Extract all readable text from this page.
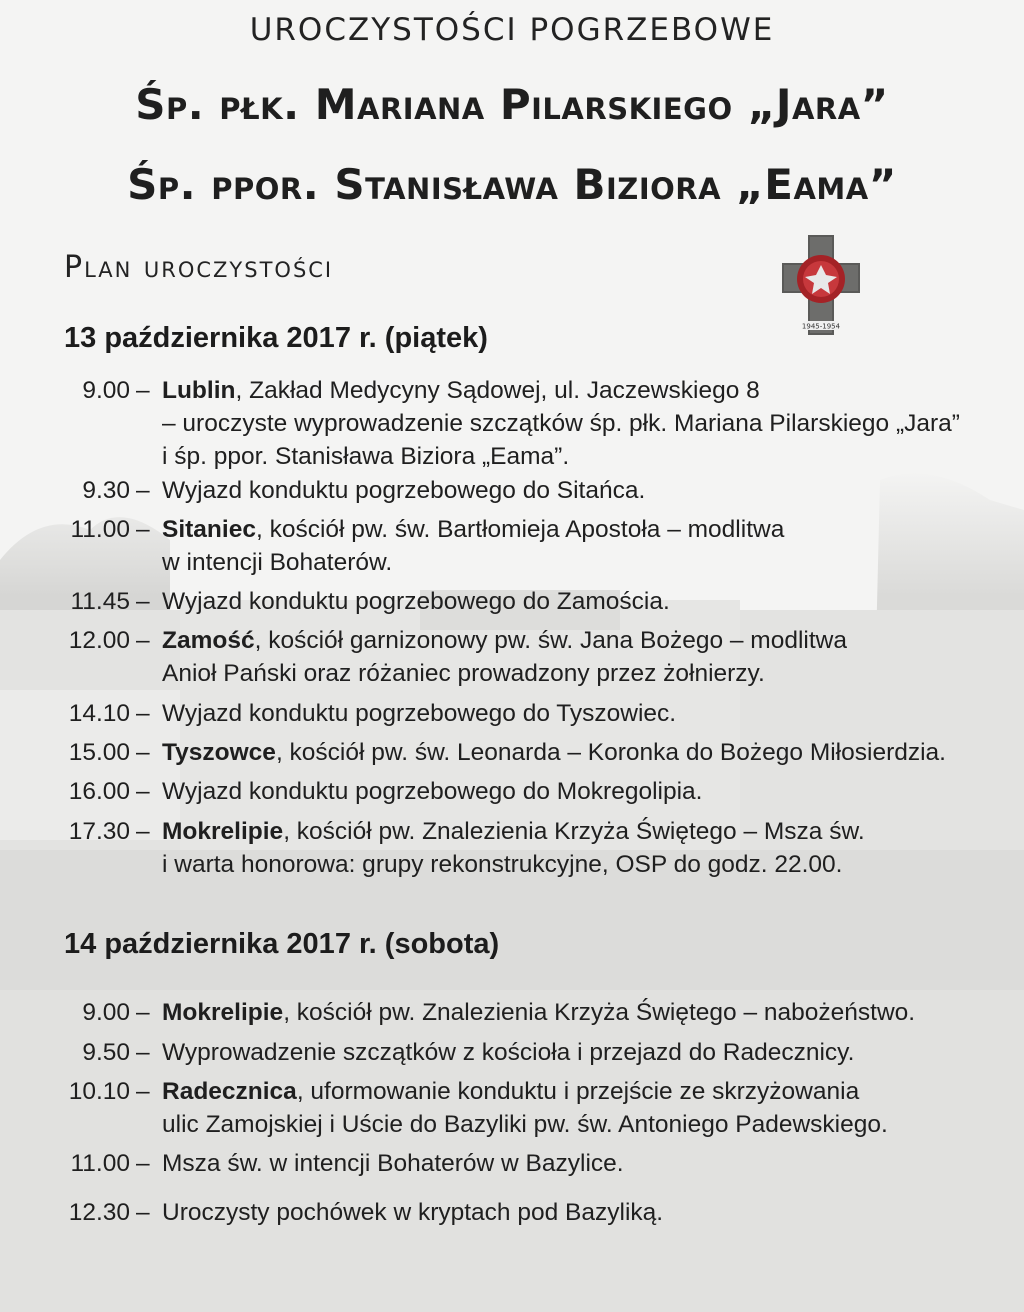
UROCZYSTOŚCI POGRZEBOWE
Śp. płk. Mariana Pilarskiego „Jara”
Śp. ppor. Stanisława Biziora „Eama”
Plan uroczystości
1945-1954
13 października 2017 r. (piątek)
9.00 – Lublin, Zakład Medycyny Sądowej, ul. Jaczewskiego 8
– uroczyste wyprowadzenie szczątków śp. płk. Mariana Pilarskiego „Jara”
i śp. ppor. Stanisława Biziora „Eama”.
9.30 – Wyjazd konduktu pogrzebowego do Sitańca.
11.00 – Sitaniec, kościół pw. św. Bartłomieja Apostoła – modlitwa
w intencji Bohaterów.
11.45 – Wyjazd konduktu pogrzebowego do Zamościa.
12.00 – Zamość, kościół garnizonowy pw. św. Jana Bożego – modlitwa
Anioł Pański oraz różaniec prowadzony przez żołnierzy.
14.10 – Wyjazd konduktu pogrzebowego do Tyszowiec.
15.00 – Tyszowce, kościół pw. św. Leonarda – Koronka do Bożego Miłosierdzia.
16.00 – Wyjazd konduktu pogrzebowego do Mokregolipia.
17.30 – Mokrelipie, kościół pw. Znalezienia Krzyża Świętego – Msza św.
i warta honorowa: grupy rekonstrukcyjne, OSP do godz. 22.00.
14 października 2017 r. (sobota)
9.00 – Mokrelipie, kościół pw. Znalezienia Krzyża Świętego – nabożeństwo.
9.50 – Wyprowadzenie szczątków z kościoła i przejazd do Radecznicy.
10.10 – Radecznica, uformowanie konduktu i przejście ze skrzyżowania
ulic Zamojskiej i Uście do Bazyliki pw. św. Antoniego Padewskiego.
11.00 – Msza św. w intencji Bohaterów w Bazylice.
12.30 – Uroczysty pochówek w kryptach pod Bazyliką.
